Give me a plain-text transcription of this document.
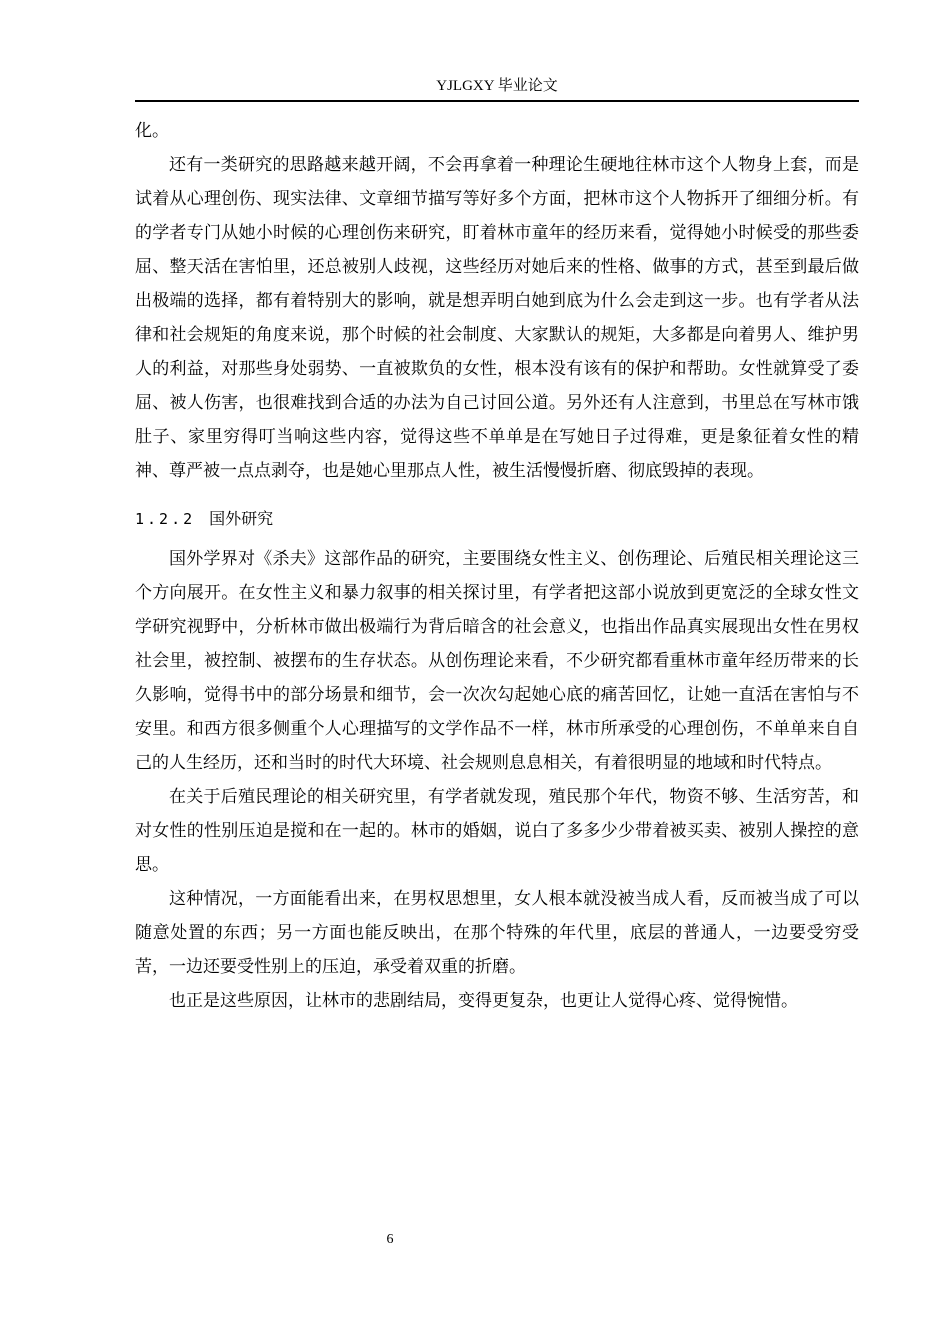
YJLGXY 毕业论文

化。

还有一类研究的思路越来越开阔，不会再拿着一种理论生硬地往林市这个人物身上套，而是试着从心理创伤、现实法律、文章细节描写等好多个方面，把林市这个人物拆开了细细分析。有的学者专门从她小时候的心理创伤来研究，盯着林市童年的经历来看，觉得她小时候受的那些委屈、整天活在害怕里，还总被别人歧视，这些经历对她后来的性格、做事的方式，甚至到最后做出极端的选择，都有着特别大的影响，就是想弄明白她到底为什么会走到这一步。也有学者从法律和社会规矩的角度来说，那个时候的社会制度、大家默认的规矩，大多都是向着男人、维护男人的利益，对那些身处弱势、一直被欺负的女性，根本没有该有的保护和帮助。女性就算受了委屈、被人伤害，也很难找到合适的办法为自己讨回公道。另外还有人注意到，书里总在写林市饿肚子、家里穷得叮当响这些内容，觉得这些不单单是在写她日子过得难，更是象征着女性的精神、尊严被一点点剥夺，也是她心里那点人性，被生活慢慢折磨、彻底毁掉的表现。

1.2.2 国外研究

国外学界对《杀夫》这部作品的研究，主要围绕女性主义、创伤理论、后殖民相关理论这三个方向展开。在女性主义和暴力叙事的相关探讨里，有学者把这部小说放到更宽泛的全球女性文学研究视野中，分析林市做出极端行为背后暗含的社会意义，也指出作品真实展现出女性在男权社会里，被控制、被摆布的生存状态。从创伤理论来看，不少研究都看重林市童年经历带来的长久影响，觉得书中的部分场景和细节，会一次次勾起她心底的痛苦回忆，让她一直活在害怕与不安里。和西方很多侧重个人心理描写的文学作品不一样，林市所承受的心理创伤，不单单来自自己的人生经历，还和当时的时代大环境、社会规则息息相关，有着很明显的地域和时代特点。

在关于后殖民理论的相关研究里，有学者就发现，殖民那个年代，物资不够、生活穷苦，和对女性的性别压迫是搅和在一起的。林市的婚姻，说白了多多少少带着被买卖、被别人操控的意思。

这种情况，一方面能看出来，在男权思想里，女人根本就没被当成人看，反而被当成了可以随意处置的东西；另一方面也能反映出，在那个特殊的年代里，底层的普通人，一边要受穷受苦，一边还要受性别上的压迫，承受着双重的折磨。

也正是这些原因，让林市的悲剧结局，变得更复杂，也更让人觉得心疼、觉得惋惜。

6
